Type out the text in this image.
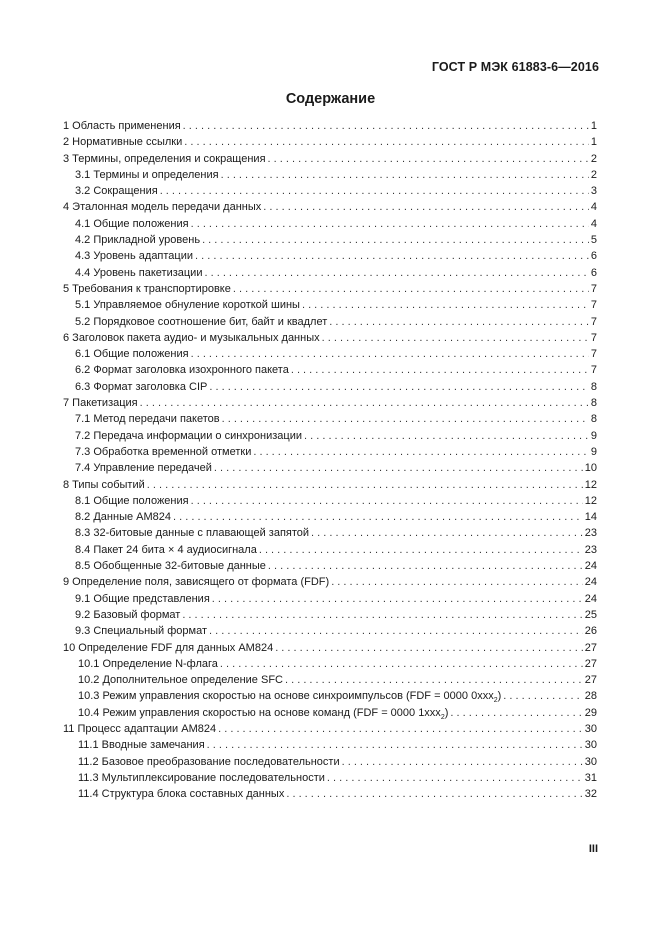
ГОСТ Р МЭК 61883-6—2016
Содержание
1 Область применения . . .	1
2 Нормативные ссылки . . .	1
3 Термины, определения и сокращения . . .	2
3.1 Термины и определения . . .	2
3.2 Сокращения . . .	3
4 Эталонная модель передачи данных . . .	4
4.1 Общие положения . . .	4
4.2 Прикладной уровень . . .	5
4.3 Уровень адаптации . . .	6
4.4 Уровень пакетизации . . .	6
5 Требования к транспортировке . . .	7
5.1 Управляемое обнуление короткой шины . . .	7
5.2 Порядковое соотношение бит, байт и квадлет . . .	7
6 Заголовок пакета аудио- и музыкальных данных . . .	7
6.1 Общие положения . . .	7
6.2 Формат заголовка изохронного пакета . . .	7
6.3 Формат заголовка CIP . . .	8
7 Пакетизация . . .	8
7.1 Метод передачи пакетов . . .	8
7.2 Передача информации о синхронизации . . .	9
7.3 Обработка временной отметки . . .	9
7.4 Управление передачей . . .	10
8 Типы событий . . .	12
8.1 Общие положения . . .	12
8.2 Данные AM824 . . .	14
8.3 32-битовые данные с плавающей запятой . . .	23
8.4 Пакет 24 бита × 4 аудиосигнала . . .	23
8.5 Обобщенные 32-битовые данные . . .	24
9 Определение поля, зависящего от формата (FDF) . . .	24
9.1 Общие представления . . .	24
9.2 Базовый формат . . .	25
9.3 Специальный формат . . .	26
10 Определение FDF для данных AM824 . . .	27
10.1 Определение N-флага . . .	27
10.2 Дополнительное определение SFC . . .	27
10.3 Режим управления скоростью на основе синхроимпульсов (FDF = 0000 0xxx$_2$) . . .	28
10.4 Режим управления скоростью на основе команд (FDF = 0000 1xxx$_2$) . . .	29
11 Процесс адаптации AM824 . . .	30
11.1 Вводные замечания . . .	30
11.2 Базовое преобразование последовательности . . .	30
11.3 Мультиплексирование последовательности . . .	31
11.4 Структура блока составных данных . . .	32
III
